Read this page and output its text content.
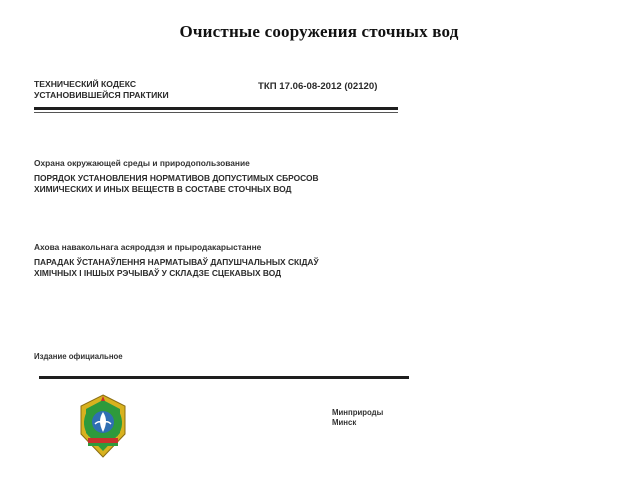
Очистные сооружения сточных вод
ТЕХНИЧЕСКИЙ КОДЕКС
УСТАНОВИВШЕЙСЯ ПРАКТИКИ
ТКП 17.06-08-2012 (02120)
Охрана окружающей среды и природопользование
ПОРЯДОК УСТАНОВЛЕНИЯ НОРМАТИВОВ ДОПУСТИМЫХ СБРОСОВ
ХИМИЧЕСКИХ И ИНЫХ ВЕЩЕСТВ В СОСТАВЕ СТОЧНЫХ ВОД
Ахова навакольнага асяроддзя и прыродакарыстанне
ПАРАДАК ЎСТАНАЎЛЕННЯ НАРМАТЫВАЎ ДАПУШЧАЛЬНЫХ СКІДАЎ
ХІМІЧНЫХ І ІНШЫХ РЭЧЫВАЎ У СКЛАДЗЕ СЦЕКАВЫХ ВОД
Издание официальное
Минприроды
Минск
